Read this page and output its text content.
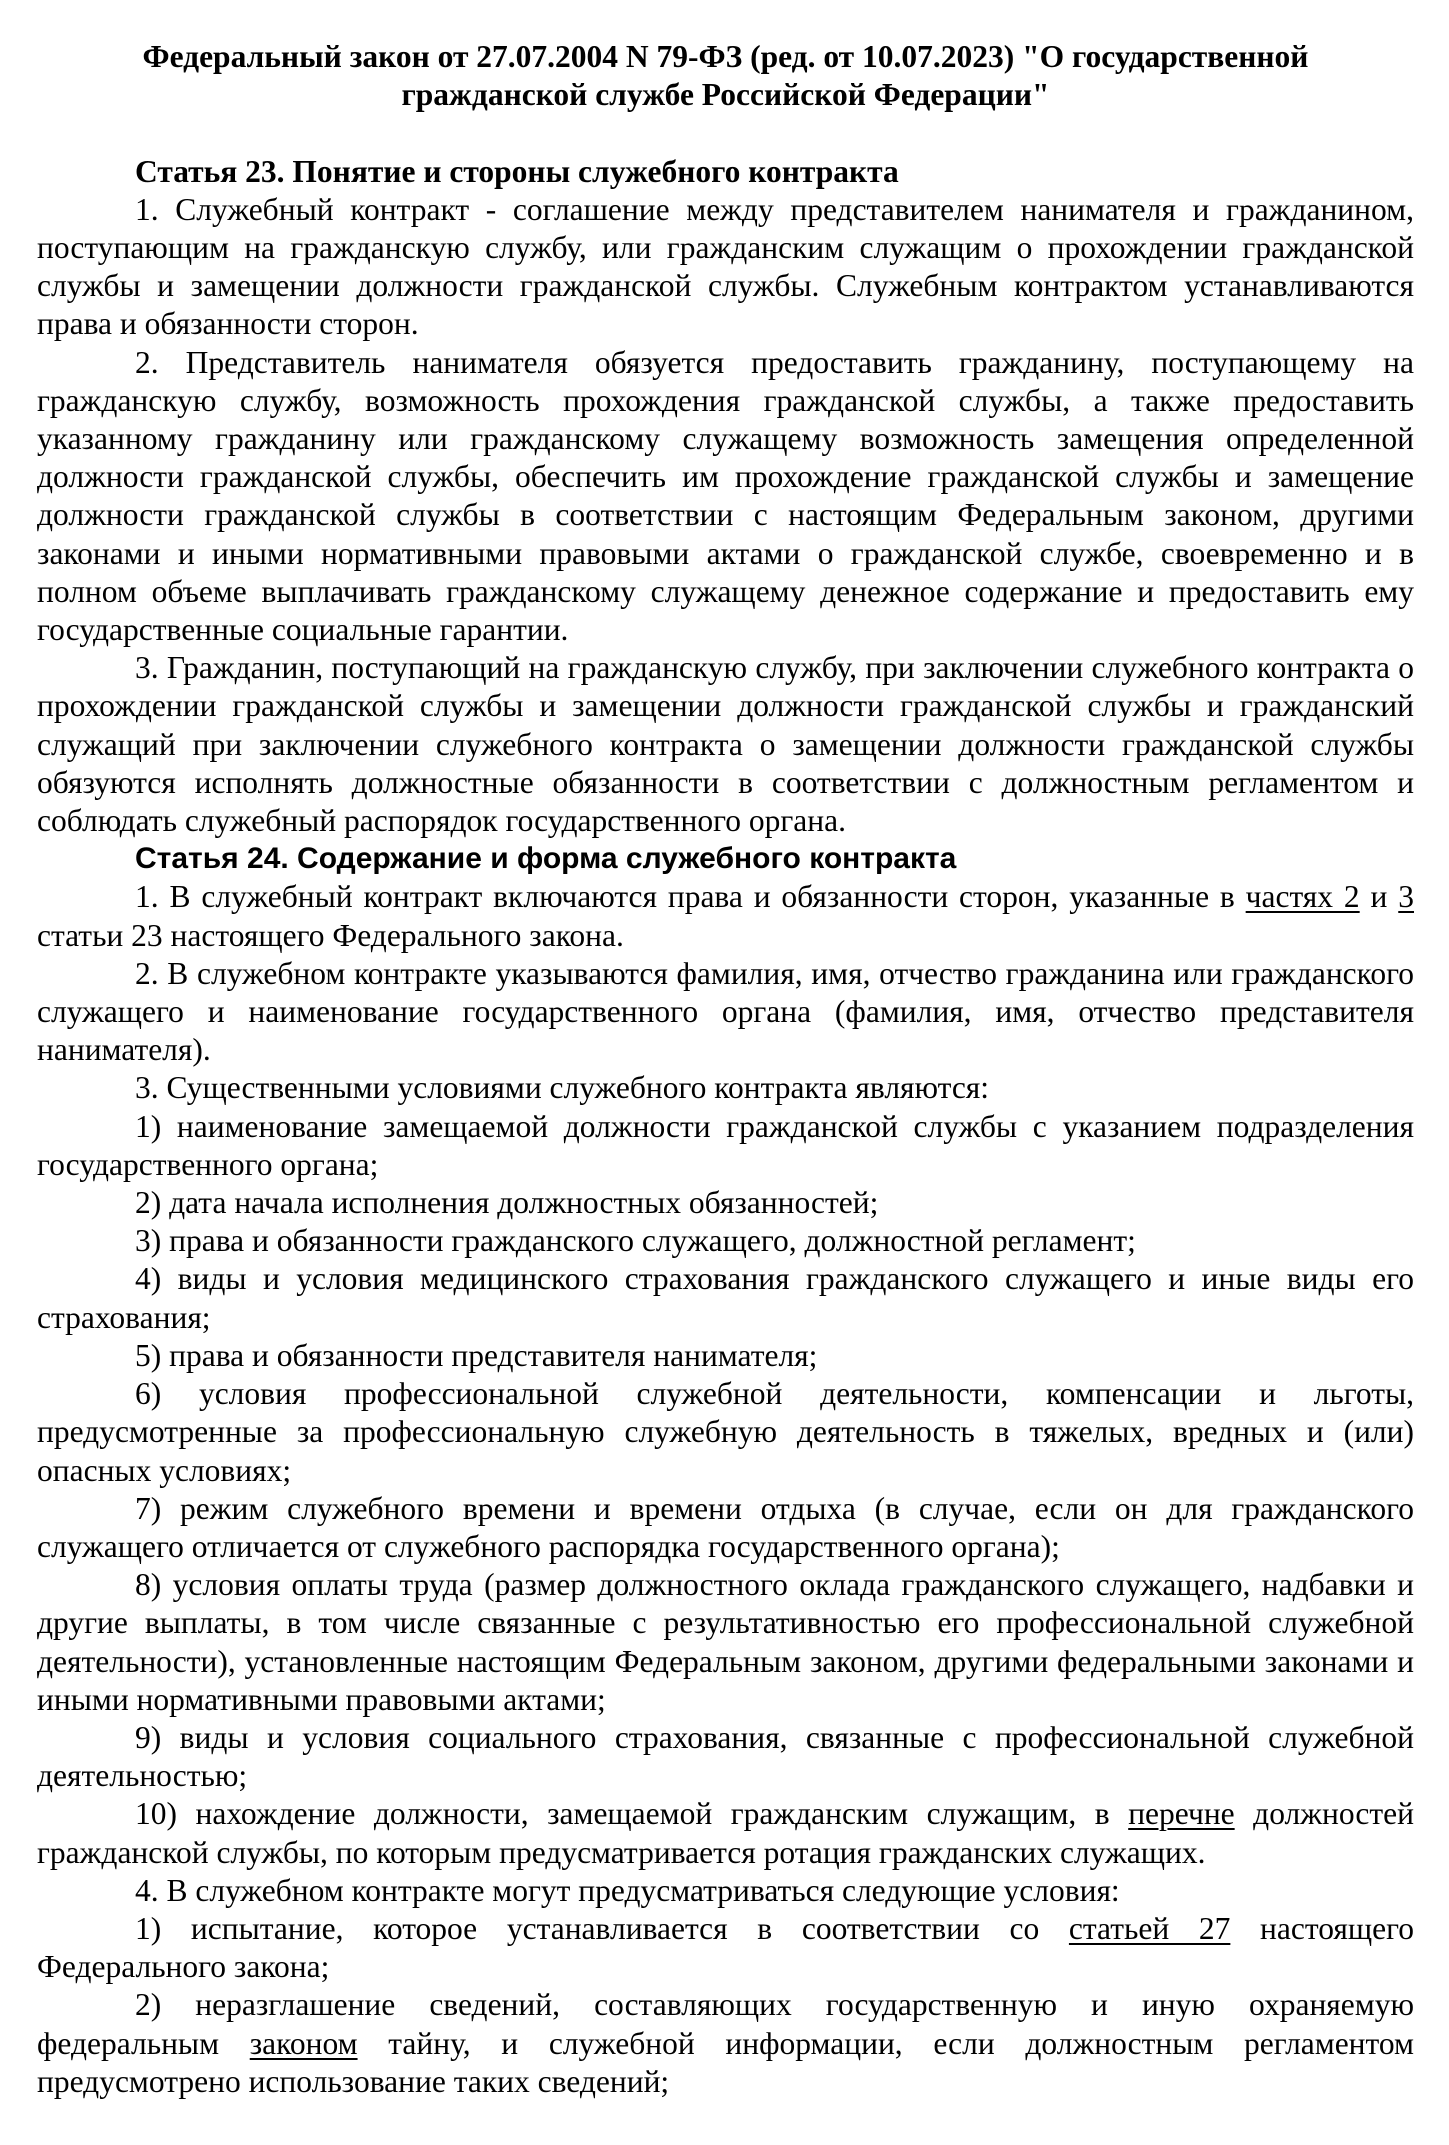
Федеральный закон от 27.07.2004 N 79-ФЗ (ред. от 10.07.2023) "О государственной
гражданской службе Российской Федерации"

Статья 23. Понятие и стороны служебного контракта

1. Служебный контракт - соглашение между представителем нанимателя и гражданином, поступающим на гражданскую службу, или гражданским служащим о прохождении гражданской службы и замещении должности гражданской службы. Служебным контрактом устанавливаются права и обязанности сторон.

2. Представитель нанимателя обязуется предоставить гражданину, поступающему на гражданскую службу, возможность прохождения гражданской службы, а также предоставить указанному гражданину или гражданскому служащему возможность замещения определенной должности гражданской службы, обеспечить им прохождение гражданской службы и замещение должности гражданской службы в соответствии с настоящим Федеральным законом, другими законами и иными нормативными правовыми актами о гражданской службе, своевременно и в полном объеме выплачивать гражданскому служащему денежное содержание и предоставить ему государственные социальные гарантии.

3. Гражданин, поступающий на гражданскую службу, при заключении служебного контракта о прохождении гражданской службы и замещении должности гражданской службы и гражданский служащий при заключении служебного контракта о замещении должности гражданской службы обязуются исполнять должностные обязанности в соответствии с должностным регламентом и соблюдать служебный распорядок государственного органа.

Статья 24. Содержание и форма служебного контракта

1. В служебный контракт включаются права и обязанности сторон, указанные в частях 2 и 3 статьи 23 настоящего Федерального закона.

2. В служебном контракте указываются фамилия, имя, отчество гражданина или гражданского служащего и наименование государственного органа (фамилия, имя, отчество представителя нанимателя).

3. Существенными условиями служебного контракта являются:

1) наименование замещаемой должности гражданской службы с указанием подразделения государственного органа;

2) дата начала исполнения должностных обязанностей;

3) права и обязанности гражданского служащего, должностной регламент;

4) виды и условия медицинского страхования гражданского служащего и иные виды его страхования;

5) права и обязанности представителя нанимателя;

6) условия профессиональной служебной деятельности, компенсации и льготы, предусмотренные за профессиональную служебную деятельность в тяжелых, вредных и (или) опасных условиях;

7) режим служебного времени и времени отдыха (в случае, если он для гражданского служащего отличается от служебного распорядка государственного органа);

8) условия оплаты труда (размер должностного оклада гражданского служащего, надбавки и другие выплаты, в том числе связанные с результативностью его профессиональной служебной деятельности), установленные настоящим Федеральным законом, другими федеральными законами и иными нормативными правовыми актами;

9) виды и условия социального страхования, связанные с профессиональной служебной деятельностью;

10) нахождение должности, замещаемой гражданским служащим, в перечне должностей гражданской службы, по которым предусматривается ротация гражданских служащих.

4. В служебном контракте могут предусматриваться следующие условия:

1) испытание, которое устанавливается в соответствии со статьей 27 настоящего Федерального закона;

2) неразглашение сведений, составляющих государственную и иную охраняемую федеральным законом тайну, и служебной информации, если должностным регламентом предусмотрено использование таких сведений;
